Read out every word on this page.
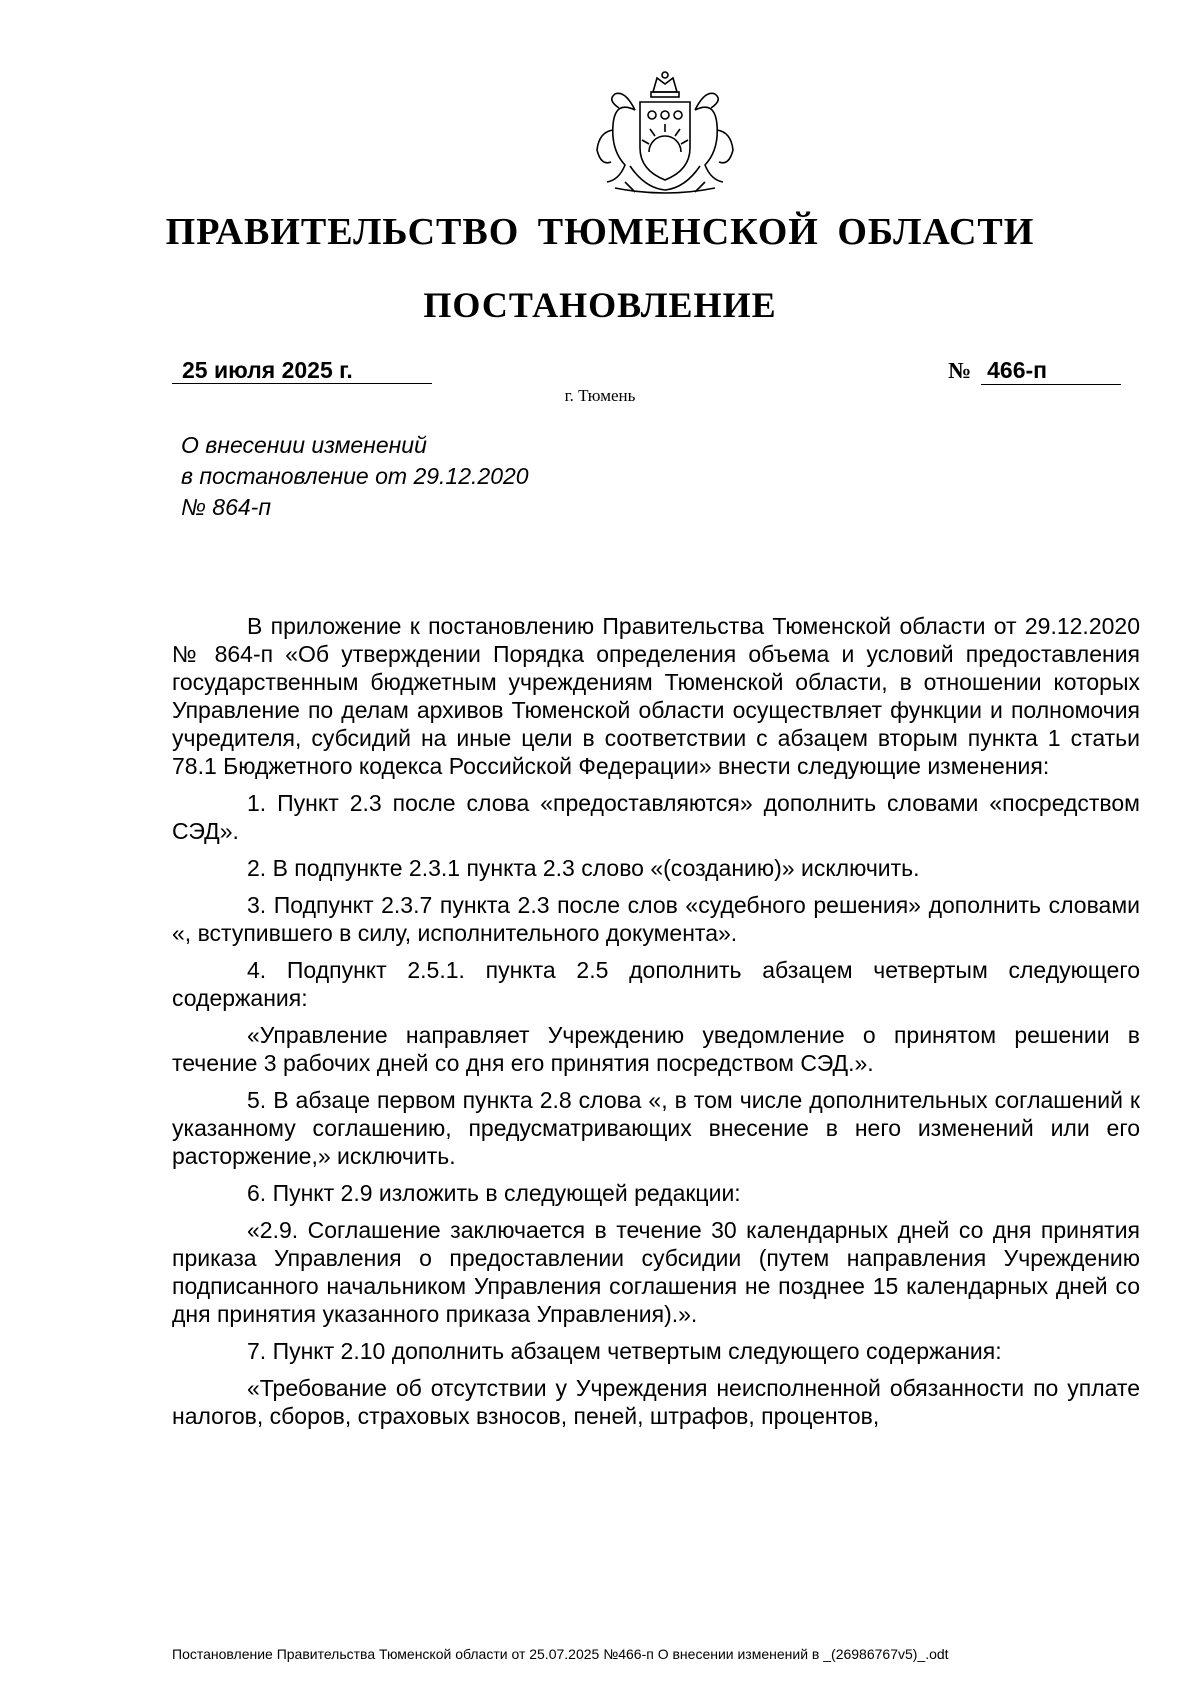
ПРАВИТЕЛЬСТВО ТЮМЕНСКОЙ ОБЛАСТИ
ПОСТАНОВЛЕНИЕ
25 июля 2025 г.	№ 466-п
г. Тюмень
О внесении изменений
в постановление от 29.12.2020
№ 864-п

В приложение к постановлению Правительства Тюменской области от 29.12.2020 № 864-п «Об утверждении Порядка определения объема и условий предоставления государственным бюджетным учреждениям Тюменской области, в отношении которых Управление по делам архивов Тюменской области осуществляет функции и полномочия учредителя, субсидий на иные цели в соответствии с абзацем вторым пункта 1 статьи 78.1 Бюджетного кодекса Российской Федерации» внести следующие изменения:

1. Пункт 2.3 после слова «предоставляются» дополнить словами «посредством СЭД».

2. В подпункте 2.3.1 пункта 2.3 слово «(созданию)» исключить.

3. Подпункт 2.3.7 пункта 2.3 после слов «судебного решения» дополнить словами «, вступившего в силу, исполнительного документа».

4. Подпункт 2.5.1. пункта 2.5 дополнить абзацем четвертым следующего содержания:

«Управление направляет Учреждению уведомление о принятом решении в течение 3 рабочих дней со дня его принятия посредством СЭД.».

5. В абзаце первом пункта 2.8 слова «, в том числе дополнительных соглашений к указанному соглашению, предусматривающих внесение в него изменений или его расторжение,» исключить.

6. Пункт 2.9 изложить в следующей редакции:

«2.9. Соглашение заключается в течение 30 календарных дней со дня принятия приказа Управления о предоставлении субсидии (путем направления Учреждению подписанного начальником Управления соглашения не позднее 15 календарных дней со дня принятия указанного приказа Управления).».

7. Пункт 2.10 дополнить абзацем четвертым следующего содержания:

«Требование об отсутствии у Учреждения неисполненной обязанности по уплате налогов, сборов, страховых взносов, пеней, штрафов, процентов,

Постановление Правительства Тюменской области от 25.07.2025 №466-п О внесении изменений в _(26986767v5)_.odt
